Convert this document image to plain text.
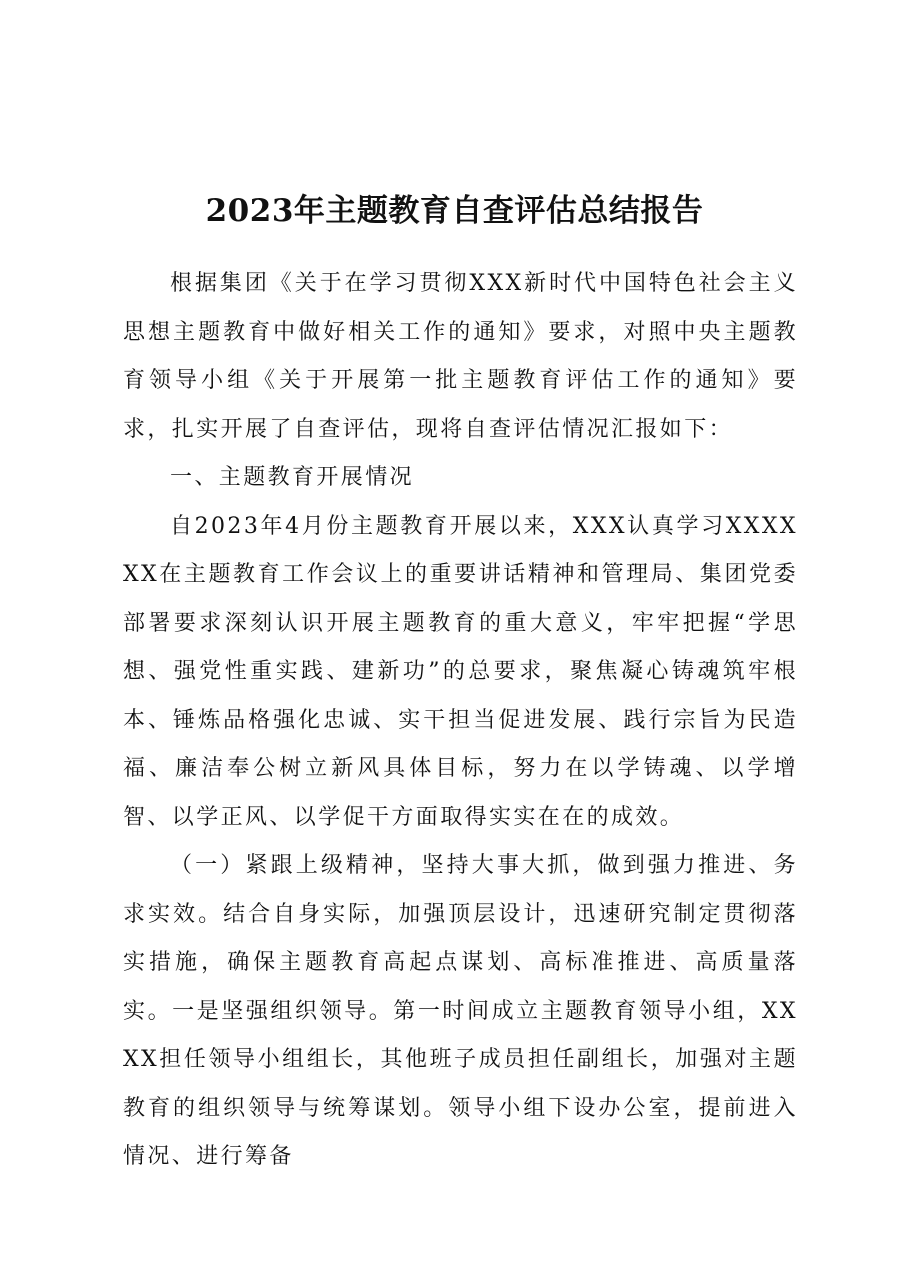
2023年主题教育自查评估总结报告

根据集团《关于在学习贯彻XXX新时代中国特色社会主义思想主题教育中做好相关工作的通知》要求，对照中央主题教育领导小组《关于开展第一批主题教育评估工作的通知》要求，扎实开展了自查评估，现将自查评估情况汇报如下：

一、主题教育开展情况

自2023年4月份主题教育开展以来，XXX认真学习XXXXXX在主题教育工作会议上的重要讲话精神和管理局、集团党委部署要求深刻认识开展主题教育的重大意义，牢牢把握“学思想、强党性重实践、建新功”的总要求，聚焦凝心铸魂筑牢根本、锤炼品格强化忠诚、实干担当促进发展、践行宗旨为民造福、廉洁奉公树立新风具体目标，努力在以学铸魂、以学增智、以学正风、以学促干方面取得实实在在的成效。

（一）紧跟上级精神，坚持大事大抓，做到强力推进、务求实效。结合自身实际，加强顶层设计，迅速研究制定贯彻落实措施，确保主题教育高起点谋划、高标准推进、高质量落实。一是坚强组织领导。第一时间成立主题教育领导小组，XXXX担任领导小组组长，其他班子成员担任副组长，加强对主题教育的组织领导与统筹谋划。领导小组下设办公室，提前进入情况、进行筹备
